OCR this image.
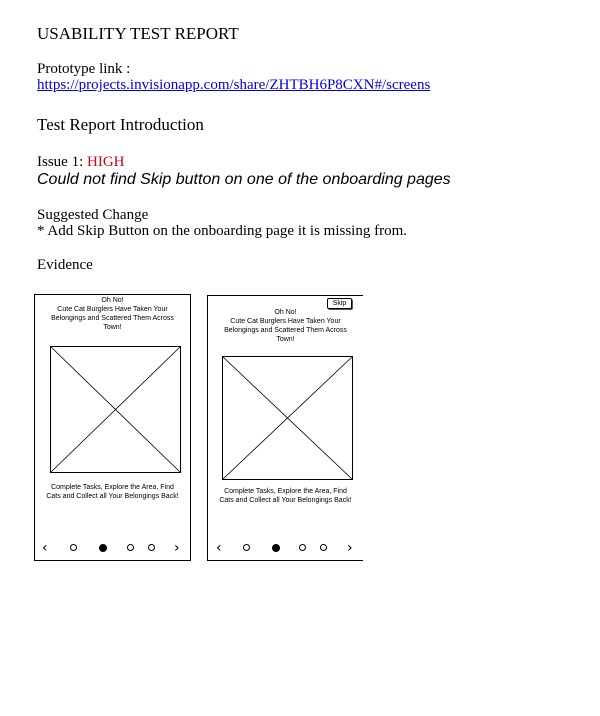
USABILITY TEST REPORT
Prototype link :
https://projects.invisionapp.com/share/ZHTBH6P8CXN#/screens
Test Report Introduction
Issue 1: HIGH
Could not find Skip button on one of the onboarding pages
Suggested Change
* Add Skip Button on the onboarding page it is missing from.
Evidence
Oh No!
Cute Cat Burglers Have Taken Your Belongings and Scattered Them Across Town!
Complete Tasks, Explore the Area, Find Cats and Collect all Your Belongings Back!
‹	›
Skip
Oh No!
Cute Cat Burglers Have Taken Your Belongings and Scattered Them Across Town!
Complete Tasks, Explore the Area, Find Cats and Collect all Your Belongings Back!
‹	›
